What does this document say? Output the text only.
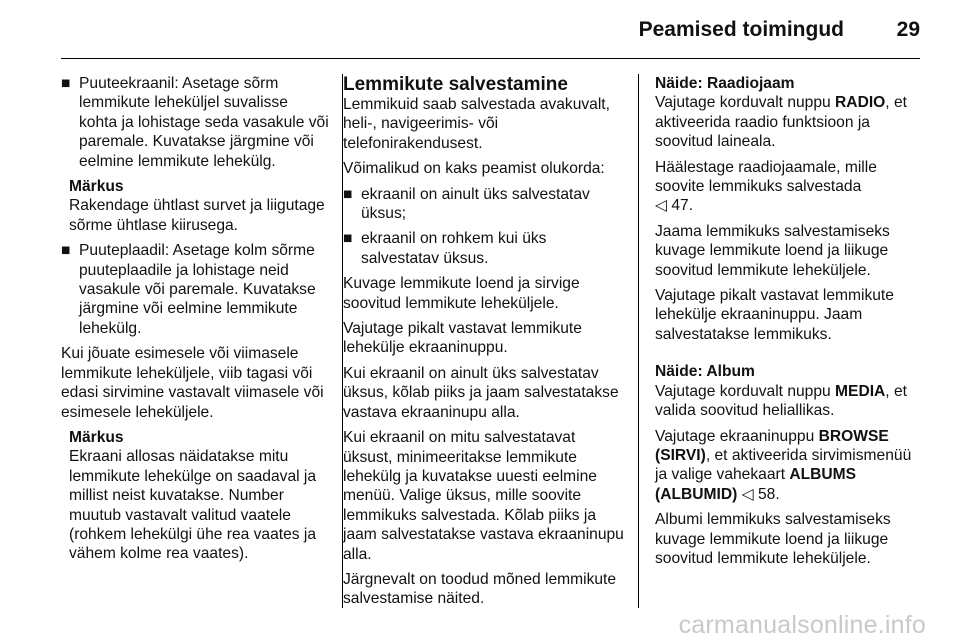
Peamised toimingud	29
■ Puuteekraanil: Asetage sõrm lemmikute leheküljel suvalisse kohta ja lohistage seda vasakule või paremale. Kuvatakse järgmine või eelmine lemmikute lehekülg.
Märkus
Rakendage ühtlast survet ja liigutage sõrme ühtlase kiirusega.
■ Puuteplaadil: Asetage kolm sõrme puuteplaadile ja lohistage neid vasakule või paremale. Kuvatakse järgmine või eelmine lemmikute lehekülg.

Kui jõuate esimesele või viimasele lemmikute leheküljele, viib tagasi või edasi sirvimine vastavalt viimasele või esimesele leheküljele.

Märkus
Ekraani allosas näidatakse mitu lemmikute lehekülge on saadaval ja millist neist kuvatakse. Number muutub vastavalt valitud vaatele (rohkem lehekülgi ühe rea vaates ja vähem kolme rea vaates).
Lemmikute salvestamine

Lemmikuid saab salvestada avakuvalt, heli-, navigeerimis- või telefonirakendusest.

Võimalikud on kaks peamist olukorda:

■ ekraanil on ainult üks salvestatav üksus;
■ ekraanil on rohkem kui üks salvestatav üksus.

Kuvage lemmikute loend ja sirvige soovitud lemmikute leheküljele.

Vajutage pikalt vastavat lemmikute lehekülje ekraaninuppu.

Kui ekraanil on ainult üks salvestatav üksus, kõlab piiks ja jaam salvestatakse vastava ekraaninupu alla.

Kui ekraanil on mitu salvestatavat üksust, minimeeritakse lemmikute lehekülg ja kuvatakse uuesti eelmine menüü. Valige üksus, mille soovite lemmikuks salvestada. Kõlab piiks ja jaam salvestatakse vastava ekraaninupu alla.

Järgnevalt on toodud mõned lemmikute salvestamise näited.

Näide: Raadiojaam

Vajutage korduvalt nuppu RADIO, et aktiveerida raadio funktsioon ja soovitud laineala.

Häälestage raadiojaamale, mille soovite lemmikuks salvestada
◁ 47.

Jaama lemmikuks salvestamiseks kuvage lemmikute loend ja liikuge soovitud lemmikute leheküljele.

Vajutage pikalt vastavat lemmikute lehekülje ekraaninuppu. Jaam salvestatakse lemmikuks.

Näide: Album

Vajutage korduvalt nuppu MEDIA, et valida soovitud heliallikas.

Vajutage ekraaninuppu BROWSE (SIRVI), et aktiveerida sirvimismenüü ja valige vahekaart ALBUMS (ALBUMID) ◁ 58.

Albumi lemmikuks salvestamiseks kuvage lemmikute loend ja liikuge soovitud lemmikute leheküljele.

carmanualsonline.info
